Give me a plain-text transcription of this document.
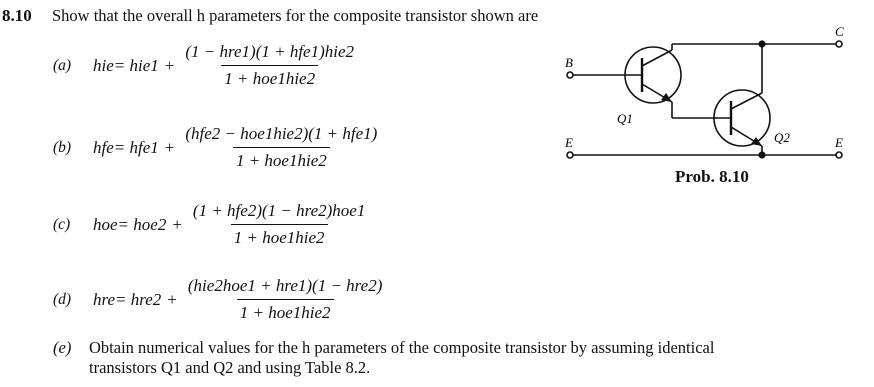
8.10 Show that the overall h parameters for the composite transistor shown are
(a)	hie = $hie1 + \frac{\text{(1 − hre1)(1 + hfe1)hie2}}{\text{1 + hoe1hie2}}$
(b)	hfe = $hfe1 + \frac{\text{(hfe2 − hoe1hie2)(1 + hfe1)}}{\text{1 + hoe1hie2}}$
(c)	hoe = $hoe2 + \frac{\text{(1 + hfe2)(1 − hre2)hoe1}}{\text{1 + hoe1hie2}}$
(d)	hre = $hre2 + \frac{\text{(hie2hoe1 + hre1)(1 − hre2)}}{\text{1 + hoe1hie2}}$
(e) Obtain numerical values for the h parameters of the composite transistor by assuming identical
transistors Q1 and Q2 and using Table 8.2.
C
B
E	E
Q1
Q2
Prob. 8.10
